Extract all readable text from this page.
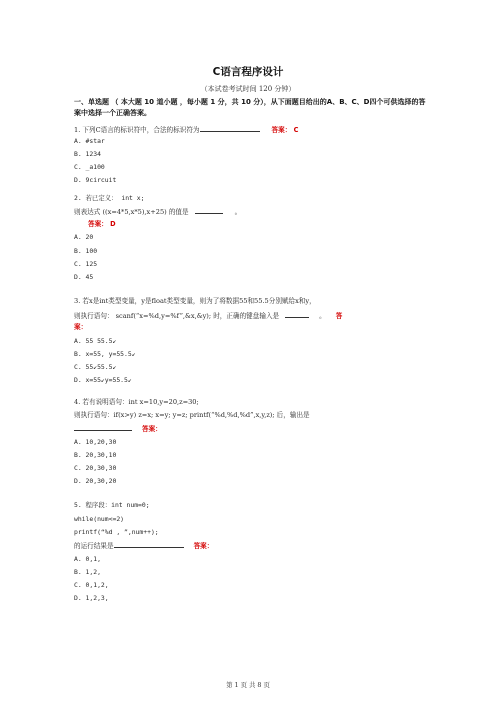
C语言程序设计
（本试卷考试时间 120 分钟）
一、单选题 （ 本大题 10 道小题 ，每小题 1 分，共 10 分），从下面题目给出的A、B、C、D四个可供选择的答案中选择一个正确答案。
1. 下列C语言的标识符中，合法的标识符为	答案： C
A. #star
B. 1234
C. _a100
D. 9circuit
2. 若已定义： int x;
则表达式 ((x=4*5,x*5),x+25) 的值是	。
答案： D
A. 20
B. 100
C. 125
D. 45
3. 若x是int类型变量，y是float类型变量，则为了将数据55和55.5分别赋给x和y，
则执行语句： scanf(“x=%d,y=%f”,&x,&y); 时，正确的键盘输入是	。 答
案：
A. 55 55.5↙
B. x=55, y=55.5↙
C. 55↙55.5↙
D. x=55↙y=55.5↙
4. 若有说明语句：int x=10,y=20,z=30;
则执行语句：if(x>y) z=x; x=y; y=z; printf(“%d,%d,%d”,x,y,z); 后，输出是
答案：
A. 10,20,30
B. 20,30,10
C. 20,30,30
D. 20,30,20
5. 程序段：int num=0;
while(num<=2)
printf(“%d , ”,num++);
的运行结果是	答案：
A. 0,1,
B. 1,2,
C. 0,1,2,
D. 1,2,3,
第 1 页 共 8 页
